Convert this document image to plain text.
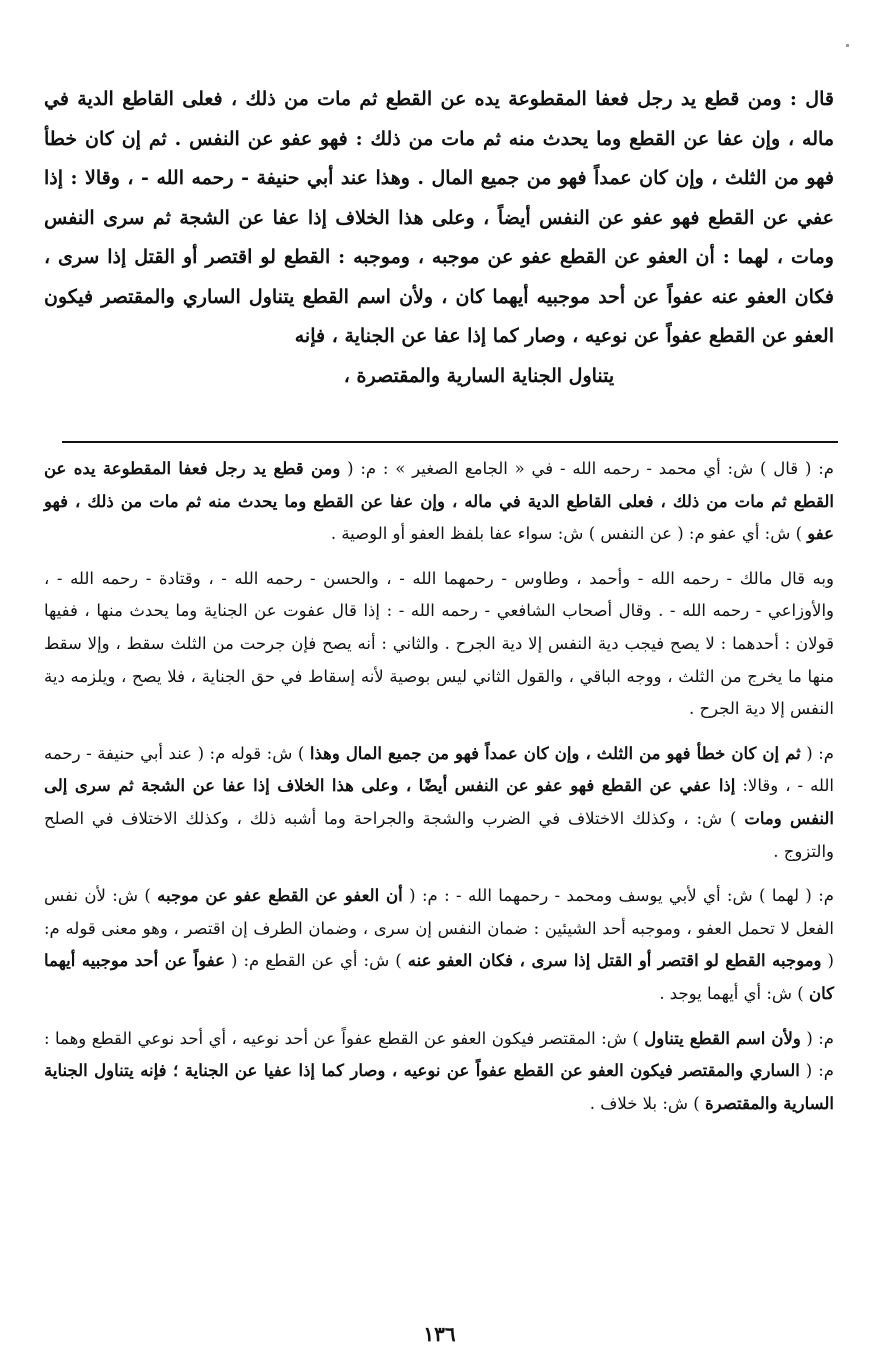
قال : ومن قطع يد رجل فعفا المقطوعة يده عن القطع ثم مات من ذلك ، فعلى القاطع الدية في ماله ، وإن عفا عن القطع وما يحدث منه ثم مات من ذلك : فهو عفو عن النفس . ثم إن كان خطأ فهو من الثلث ، وإن كان عمداً فهو من جميع المال . وهذا عند أبي حنيفة - رحمه الله - ، وقالا : إذا عفي عن القطع فهو عفو عن النفس أيضاً ، وعلى هذا الخلاف إذا عفا عن الشجة ثم سرى النفس ومات ، لهما : أن العفو عن القطع عفو عن موجبه ، وموجبه : القطع لو اقتصر أو القتل إذا سرى ، فكان العفو عنه عفواً عن أحد موجبيه أيهما كان ، ولأن اسم القطع يتناول الساري والمقتصر فيكون العفو عن القطع عفواً عن نوعيه ، وصار كما إذا عفا عن الجناية ، فإنه

يتناول الجناية السارية والمقتصرة ،

م: ( قال ) ش: أي محمد - رحمه الله - في « الجامع الصغير » : م: ( ومن قطع يد رجل فعفا المقطوعة يده عن القطع ثم مات من ذلك ، فعلى القاطع الدية في ماله ، وإن عفا عن القطع وما يحدث منه ثم مات من ذلك ، فهو عفو ) ش: أي عفو م: ( عن النفس ) ش: سواء عفا بلفظ العفو أو الوصية .

وبه قال مالك - رحمه الله - وأحمد ، وطاوس - رحمهما الله - ، والحسن - رحمه الله - ، وقتادة - رحمه الله - ، والأوزاعي - رحمه الله - . وقال أصحاب الشافعي - رحمه الله - : إذا قال عفوت عن الجناية وما يحدث منها ، ففيها قولان : أحدهما : لا يصح فيجب دية النفس إلا دية الجرح . والثاني : أنه يصح فإن جرحت من الثلث سقط ، وإلا سقط منها ما يخرج من الثلث ، ووجه الباقي ، والقول الثاني ليس بوصية لأنه إسقاط في حق الجناية ، فلا يصح ، ويلزمه دية النفس إلا دية الجرح .

م: ( ثم إن كان خطأ فهو من الثلث ، وإن كان عمداً فهو من جميع المال وهذا ) ش: قوله م: ( عند أبي حنيفة - رحمه الله - ، وقالا: إذا عفي عن القطع فهو عفو عن النفس أيضًا ، وعلى هذا الخلاف إذا عفا عن الشجة ثم سرى إلى النفس ومات ) ش: ، وكذلك الاختلاف في الضرب والشجة والجراحة وما أشبه ذلك ، وكذلك الاختلاف في الصلح والتزوج .

م: ( لهما ) ش: أي لأبي يوسف ومحمد - رحمهما الله - : م: ( أن العفو عن القطع عفو عن موجبه ) ش: لأن نفس الفعل لا تحمل العفو ، وموجبه أحد الشيئين : ضمان النفس إن سرى ، وضمان الطرف إن اقتصر ، وهو معنى قوله م: ( وموجبه القطع لو اقتصر أو القتل إذا سرى ، فكان العفو عنه ) ش: أي عن القطع م: ( عفواً عن أحد موجبيه أيهما كان ) ش: أي أيهما يوجد .

م: ( ولأن اسم القطع يتناول ) ش: المقتصر فيكون العفو عن القطع عفواً عن أحد نوعيه ، أي أحد نوعي القطع وهما : م: ( الساري والمقتصر فيكون العفو عن القطع عفواً عن نوعيه ، وصار كما إذا عفيا عن الجناية ؛ فإنه يتناول الجناية السارية والمقتصرة ) ش: بلا خلاف .

١٣٦
